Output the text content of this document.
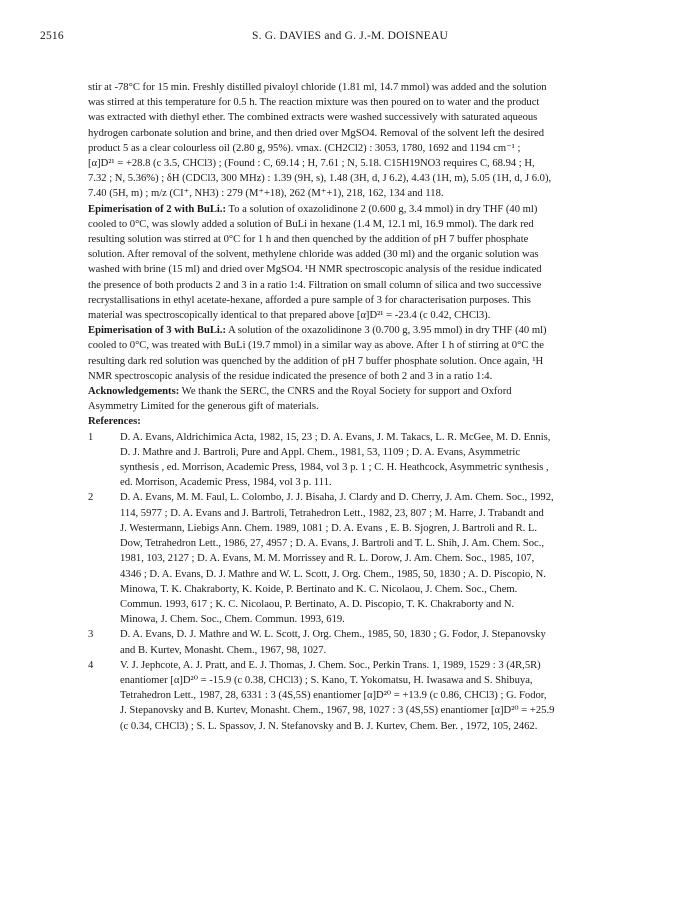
2516	S. G. DAVIES and G. J.-M. DOISNEAU

stir at -78°C for 15 min. Freshly distilled pivaloyl chloride (1.81 ml, 14.7 mmol) was added and the solution
was stirred at this temperature for 0.5 h. The reaction mixture was then poured on to water and the product
was extracted with diethyl ether. The combined extracts were washed successively with saturated aqueous
hydrogen carbonate solution and brine, and then dried over MgSO4. Removal of the solvent left the desired
product 5 as a clear colourless oil (2.80 g, 95%). νmax. (CH2Cl2) : 3053, 1780, 1692 and 1194 cm⁻¹ ;
[α]D²¹ = +28.8 (c 3.5, CHCl3) ; (Found : C, 69.14 ; H, 7.61 ; N, 5.18. C15H19NO3 requires C, 68.94 ; H,
7.32 ; N, 5.36%) ; δH (CDCl3, 300 MHz) : 1.39 (9H, s), 1.48 (3H, d, J 6.2), 4.43 (1H, m), 5.05 (1H, d, J 6.0),
7.40 (5H, m) ; m/z (CI⁺, NH3) : 279 (M⁺+18), 262 (M⁺+1), 218, 162, 134 and 118.

Epimerisation of 2 with BuLi.: To a solution of oxazolidinone 2 (0.600 g, 3.4 mmol) in dry THF (40 ml)
cooled to 0°C, was slowly added a solution of BuLi in hexane (1.4 M, 12.1 ml, 16.9 mmol). The dark red
resulting solution was stirred at 0°C for 1 h and then quenched by the addition of pH 7 buffer phosphate
solution. After removal of the solvent, methylene chloride was added (30 ml) and the organic solution was
washed with brine (15 ml) and dried over MgSO4. ¹H NMR spectroscopic analysis of the residue indicated
the presence of both products 2 and 3 in a ratio 1:4. Filtration on small column of silica and two successive
recrystallisations in ethyl acetate-hexane, afforded a pure sample of 3 for characterisation purposes. This
material was spectroscopically identical to that prepared above [α]D²¹ = -23.4 (c 0.42, CHCl3).

Epimerisation of 3 with BuLi.: A solution of the oxazolidinone 3 (0.700 g, 3.95 mmol) in dry THF (40 ml)
cooled to 0°C, was treated with BuLi (19.7 mmol) in a similar way as above. After 1 h of stirring at 0°C the
resulting dark red solution was quenched by the addition of pH 7 buffer phosphate solution. Once again, ¹H
NMR spectroscopic analysis of the residue indicated the presence of both 2 and 3 in a ratio 1:4.

Acknowledgements: We thank the SERC, the CNRS and the Royal Society for support and Oxford
Asymmetry Limited for the generous gift of materials.

References:

1	D. A. Evans, Aldrichimica Acta, 1982, 15, 23 ; D. A. Evans, J. M. Takacs, L. R. McGee, M. D. Ennis,
D. J. Mathre and J. Bartroli, Pure and Appl. Chem., 1981, 53, 1109 ; D. A. Evans, Asymmetric
synthesis , ed. Morrison, Academic Press, 1984, vol 3 p. 1 ; C. H. Heathcock, Asymmetric synthesis ,
ed. Morrison, Academic Press, 1984, vol 3 p. 111.
2	D. A. Evans, M. M. Faul, L. Colombo, J. J. Bisaha, J. Clardy and D. Cherry, J. Am. Chem. Soc., 1992,
114, 5977 ; D. A. Evans and J. Bartroli, Tetrahedron Lett., 1982, 23, 807 ; M. Harre, J. Trabandt and
J. Westermann, Liebigs Ann. Chem. 1989, 1081 ; D. A. Evans , E. B. Sjogren, J. Bartroli and R. L.
Dow, Tetrahedron Lett., 1986, 27, 4957 ; D. A. Evans, J. Bartroli and T. L. Shih, J. Am. Chem. Soc.,
1981, 103, 2127 ; D. A. Evans, M. M. Morrissey and R. L. Dorow, J. Am. Chem. Soc., 1985, 107,
4346 ; D. A. Evans, D. J. Mathre and W. L. Scott, J. Org. Chem., 1985, 50, 1830 ; A. D. Piscopio, N.
Minowa, T. K. Chakraborty, K. Koide, P. Bertinato and K. C. Nicolaou, J. Chem. Soc., Chem.
Commun. 1993, 617 ; K. C. Nicolaou, P. Bertinato, A. D. Piscopio, T. K. Chakraborty and N.
Minowa, J. Chem. Soc., Chem. Commun. 1993, 619.
3	D. A. Evans, D. J. Mathre and W. L. Scott, J. Org. Chem., 1985, 50, 1830 ; G. Fodor, J. Stepanovsky
and B. Kurtev, Monasht. Chem., 1967, 98, 1027.
4	V. J. Jephcote, A. J. Pratt, and E. J. Thomas, J. Chem. Soc., Perkin Trans. 1, 1989, 1529 : 3 (4R,5R)
enantiomer [α]D²⁰ = -15.9 (c 0.38, CHCl3) ; S. Kano, T. Yokomatsu, H. Iwasawa and S. Shibuya,
Tetrahedron Lett., 1987, 28, 6331 : 3 (4S,5S) enantiomer [α]D²⁰ = +13.9 (c 0.86, CHCl3) ; G. Fodor,
J. Stepanovsky and B. Kurtev, Monasht. Chem., 1967, 98, 1027 : 3 (4S,5S) enantiomer [α]D²⁰ = +25.9
(c 0.34, CHCl3) ; S. L. Spassov, J. N. Stefanovsky and B. J. Kurtev, Chem. Ber. , 1972, 105, 2462.
